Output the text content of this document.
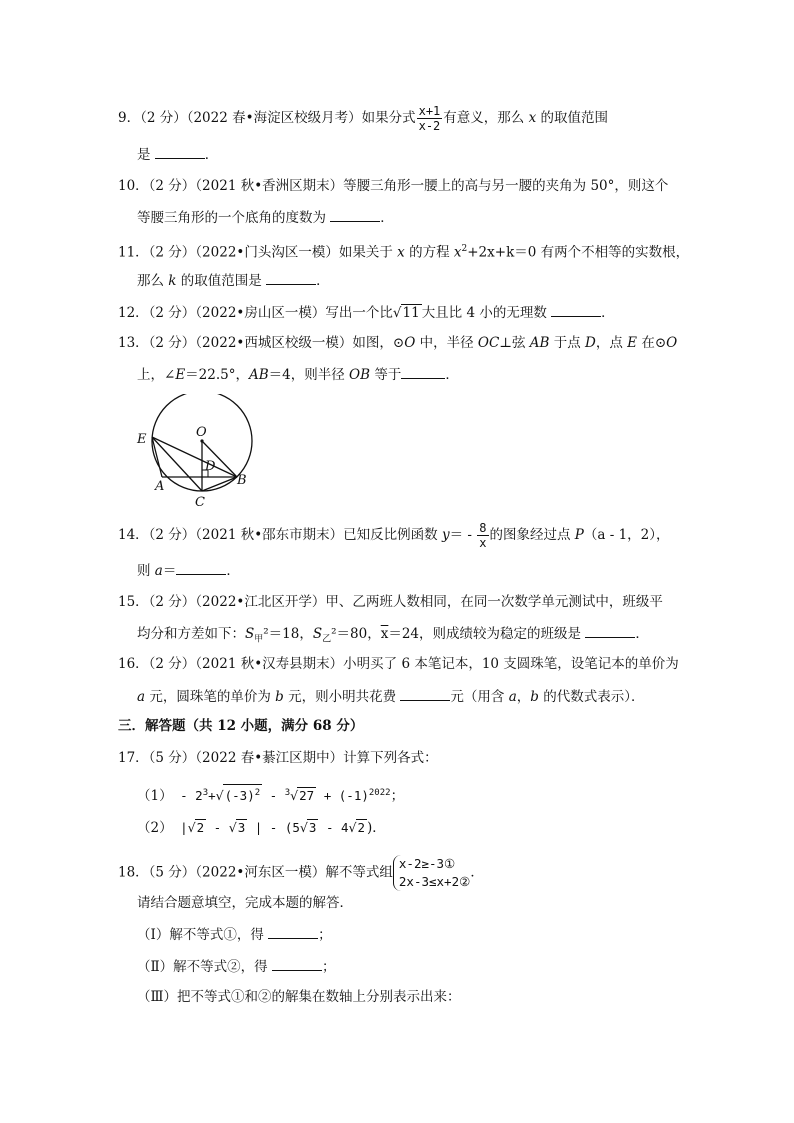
9．（2 分）（2022 春•海淀区校级月考）如果分式 $\frac{x+1}{x-2}$ 有意义，那么 x 的取值范围
是	．
10．（2 分）（2021 秋•香洲区期末）等腰三角形一腰上的高与另一腰的夹角为 50°，则这个
等腰三角形的一个底角的度数为	．
11．（2 分）（2022•门头沟区一模）如果关于 x 的方程 $x^2+2x+k=0$ 有两个不相等的实数根，
那么 k 的取值范围是	．
12．（2 分）（2022•房山区一模）写出一个比√11 大且比 4 小的无理数	．
13．（2 分）（2022•西城区校级一模）如图，⊙O 中，半径 OC⊥弦 AB 于点 D，点 E 在⊙O
上，∠E＝22.5°，AB＝4，则半径 OB 等于	．
E	O
D
A	B
C
14．（2 分）（2021 秋•邵东市期末）已知反比例函数 $y= - \frac{8}{x}$ 的图象经过点 P（a - 1，2），
则 a＝	．
15．（2 分）（2022•江北区开学）甲、乙两班人数相同，在同一次数学单元测试中，班级平
均分和方差如下：$S_甲^2=18$，$S_乙^2=80$，$\overline{x}=24$，则成绩较为稳定的班级是	．
16．（2 分）（2021 秋•汉寿县期末）小明买了 6 本笔记本，10 支圆珠笔，设笔记本的单价为
a 元，圆珠笔的单价为 b 元，则小明共花费	元（用含 a，b 的代数式表示）．
三．解答题（共 12 小题，满分 68 分）
17．（5 分）（2022 春•綦江区期中）计算下列各式：
$(1) - 2^3+√(-3)^2 - ^3√27 + (-1)^{2022}$；
（2） |√2 - √3 | - (5√3 - 4√2 )．
18．（5 分）（2022•河东区一模）解不等式组
x-2≥-3①
2x-3≤x+2②
．
请结合题意填空，完成本题的解答．
（Ⅰ）解不等式①，得	；
（Ⅱ）解不等式②，得	；
（Ⅲ）把不等式①和②的解集在数轴上分别表示出来：
